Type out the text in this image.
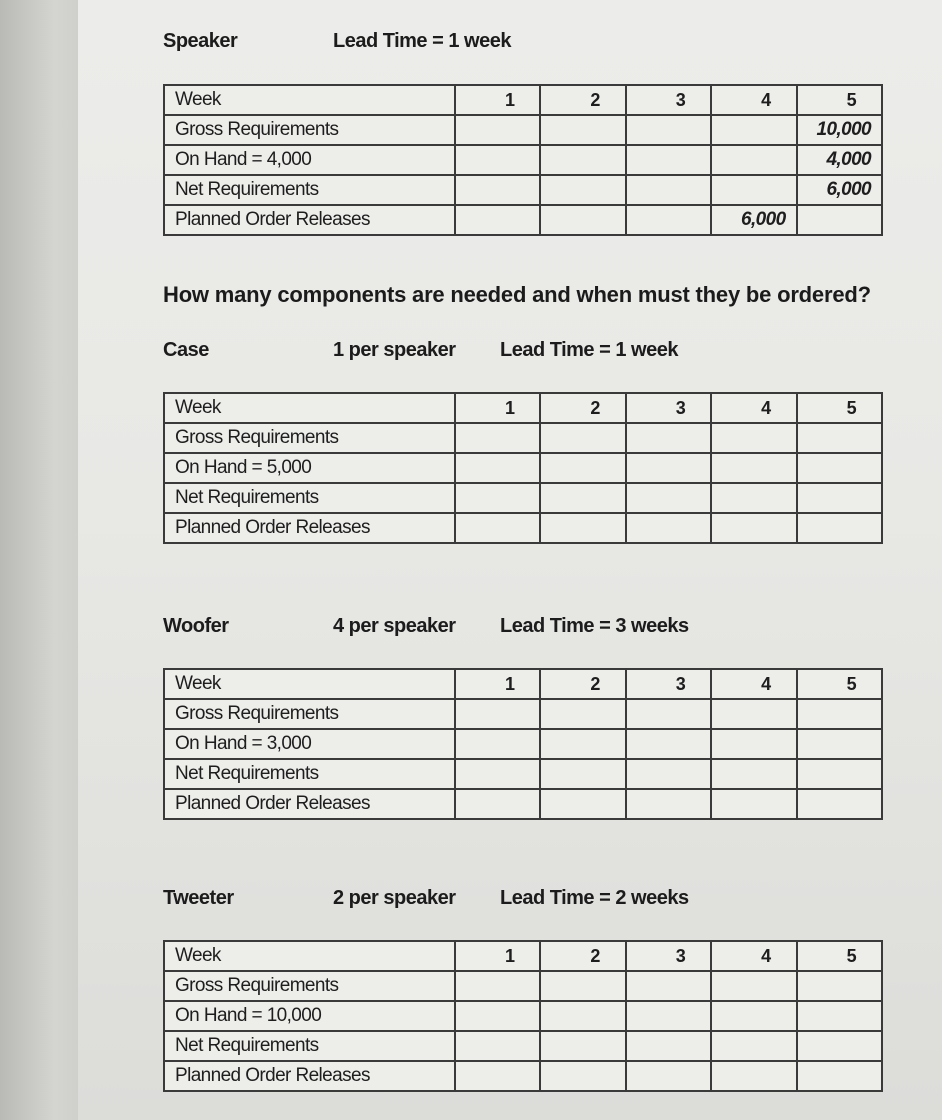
Speaker	Lead Time = 1 week
Week	1	2	3	4	5
Gross Requirements					10,000
On Hand = 4,000					4,000
Net Requirements					6,000
Planned Order Releases				6,000	
How many components are needed and when must they be ordered?
Case	1 per speaker Lead Time = 1 week
Week	1	2	3	4	5
Gross Requirements					
On Hand = 5,000					
Net Requirements					
Planned Order Releases					
Woofer	4 per speaker Lead Time = 3 weeks
Week	1	2	3	4	5
Gross Requirements					
On Hand = 3,000					
Net Requirements					
Planned Order Releases					
Tweeter	2 per speaker Lead Time = 2 weeks
Week	1	2	3	4	5
Gross Requirements					
On Hand = 10,000					
Net Requirements					
Planned Order Releases					
